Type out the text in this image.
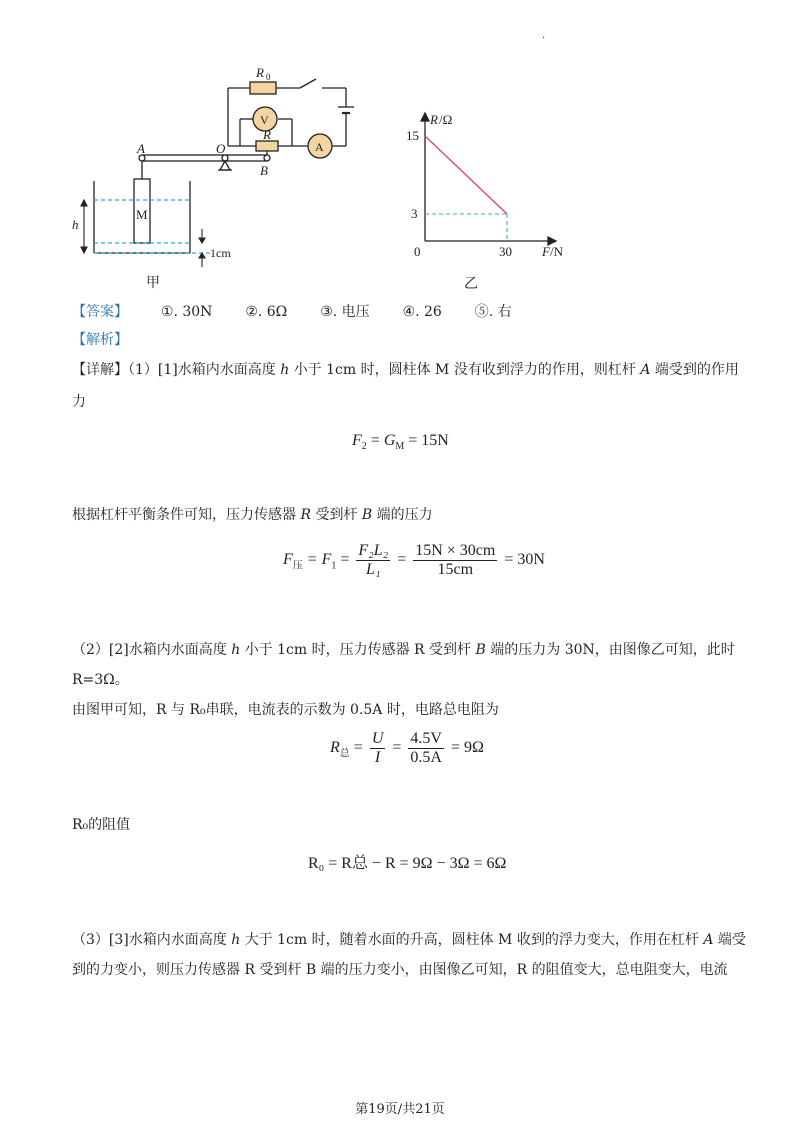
.
R 0
V
A
R
A	O
B
M
h
1cm
甲
R /Ω
15
3
0	30 F /N
乙
【答案】 ①. 30N ②. 6Ω ③. 电压 ④. 26 ⑤. 右
【解析】
【详解】（1）[1]水箱内水面高度 h 小于 1cm 时，圆柱体 M 没有收到浮力的作用，则杠杆 A 端受到的作用
力
$F_2 = G_M = 15N$
根据杠杆平衡条件可知，压力传感器 R 受到杆 B 端的压力
$F_压 = F_1 = \frac{\text{F₂L₂}}{\text{L₁}} = \frac{15N \times 30cm}{15cm} = 30N$
（2）[2]水箱内水面高度 h 小于 1cm 时，压力传感器 R 受到杆 B 端的压力为 30N，由图像乙可知，此时
R=3Ω。
由图甲可知，R 与 R₀串联，电流表的示数为 0.5A 时，电路总电阻为
$R_总 = \frac{U}{I} = \frac{4.5V}{0.5A} = 9\Omega$
R₀的阻值
R₀ = R总 − R = 9Ω − 3Ω = 6Ω
（3）[3]水箱内水面高度 h 大于 1cm 时，随着水面的升高，圆柱体 M 收到的浮力变大，作用在杠杆 A 端受
到的力变小，则压力传感器 R 受到杆 B 端的压力变小，由图像乙可知，R 的阻值变大，总电阻变大，电流
第19页/共21页
